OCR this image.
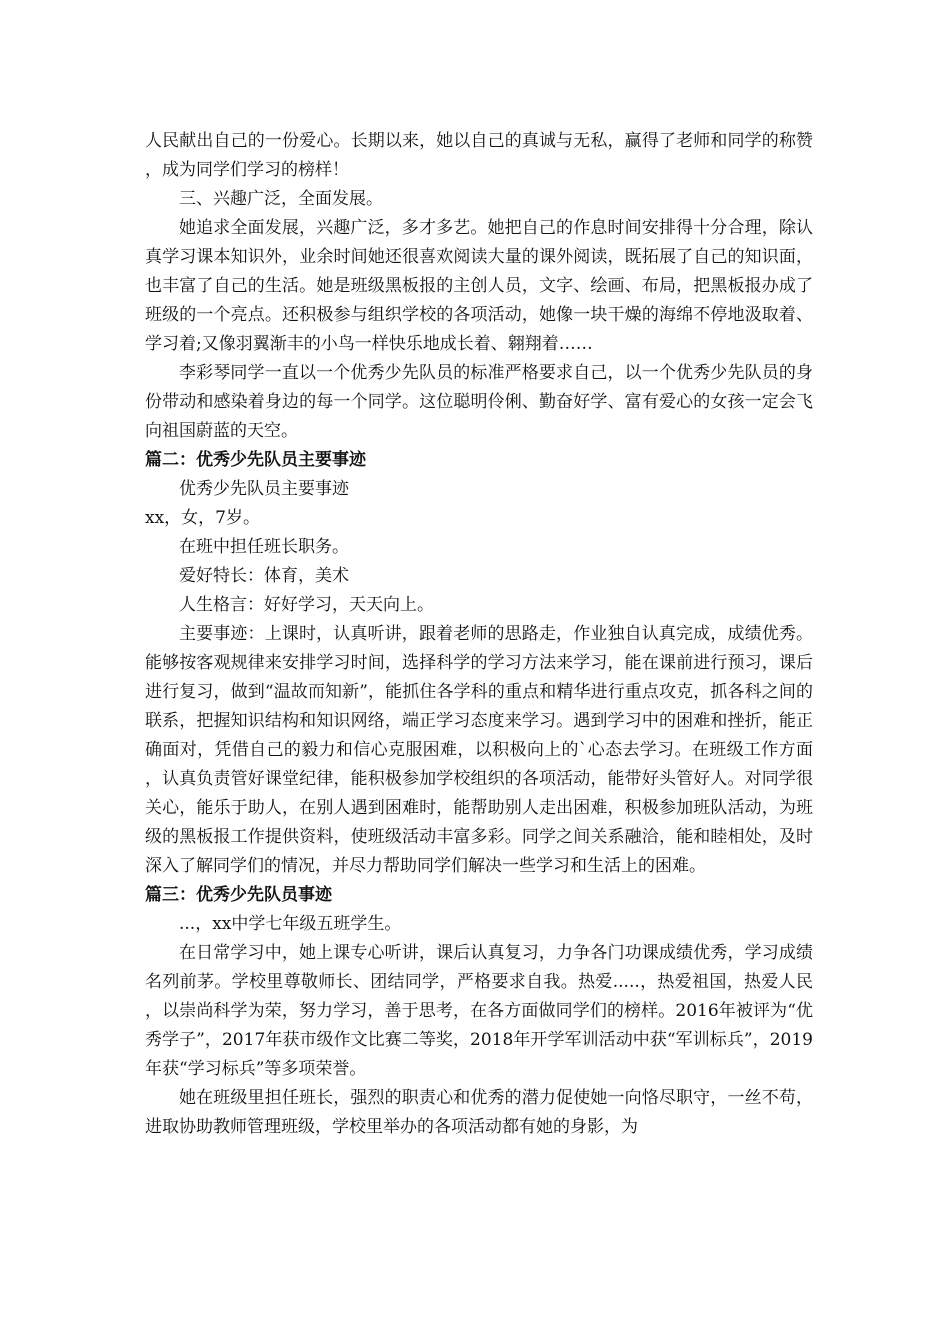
人民献出自己的一份爱心。长期以来，她以自己的真诚与无私，赢得了老师和同学的称赞，成为同学们学习的榜样！

三、兴趣广泛，全面发展。

她追求全面发展，兴趣广泛，多才多艺。她把自己的作息时间安排得十分合理，除认真学习课本知识外，业余时间她还很喜欢阅读大量的课外阅读，既拓展了自己的知识面，也丰富了自己的生活。她是班级黑板报的主创人员，文字、绘画、布局，把黑板报办成了班级的一个亮点。还积极参与组织学校的各项活动，她像一块干燥的海绵不停地汲取着、学习着;又像羽翼渐丰的小鸟一样快乐地成长着、翱翔着……

李彩琴同学一直以一个优秀少先队员的标准严格要求自己，以一个优秀少先队员的身份带动和感染着身边的每一个同学。这位聪明伶俐、勤奋好学、富有爱心的女孩一定会飞向祖国蔚蓝的天空。

篇二：优秀少先队员主要事迹

优秀少先队员主要事迹

xx，女，7岁。

在班中担任班长职务。

爱好特长：体育，美术

人生格言：好好学习，天天向上。

主要事迹：上课时，认真听讲，跟着老师的思路走，作业独自认真完成，成绩优秀。能够按客观规律来安排学习时间，选择科学的学习方法来学习，能在课前进行预习，课后进行复习，做到“温故而知新”，能抓住各学科的重点和精华进行重点攻克，抓各科之间的联系，把握知识结构和知识网络，端正学习态度来学习。遇到学习中的困难和挫折，能正确面对，凭借自己的毅力和信心克服困难，以积极向上的`心态去学习。在班级工作方面，认真负责管好课堂纪律，能积极参加学校组织的各项活动，能带好头管好人。对同学很关心，能乐于助人，在别人遇到困难时，能帮助别人走出困难，积极参加班队活动，为班级的黑板报工作提供资料，使班级活动丰富多彩。同学之间关系融洽，能和睦相处，及时深入了解同学们的情况，并尽力帮助同学们解决一些学习和生活上的困难。

篇三：优秀少先队员事迹

...，xx中学七年级五班学生。

在日常学习中，她上课专心听讲，课后认真复习，力争各门功课成绩优秀，学习成绩名列前茅。学校里尊敬师长、团结同学，严格要求自我。热爱.....，热爱祖国，热爱人民，以崇尚科学为荣，努力学习，善于思考，在各方面做同学们的榜样。2016年被评为“优秀学子”，2017年获市级作文比赛二等奖，2018年开学军训活动中获“军训标兵”，2019年获“学习标兵”等多项荣誉。

她在班级里担任班长，强烈的职责心和优秀的潜力促使她一向恪尽职守，一丝不苟，进取协助教师管理班级，学校里举办的各项活动都有她的身影，为
